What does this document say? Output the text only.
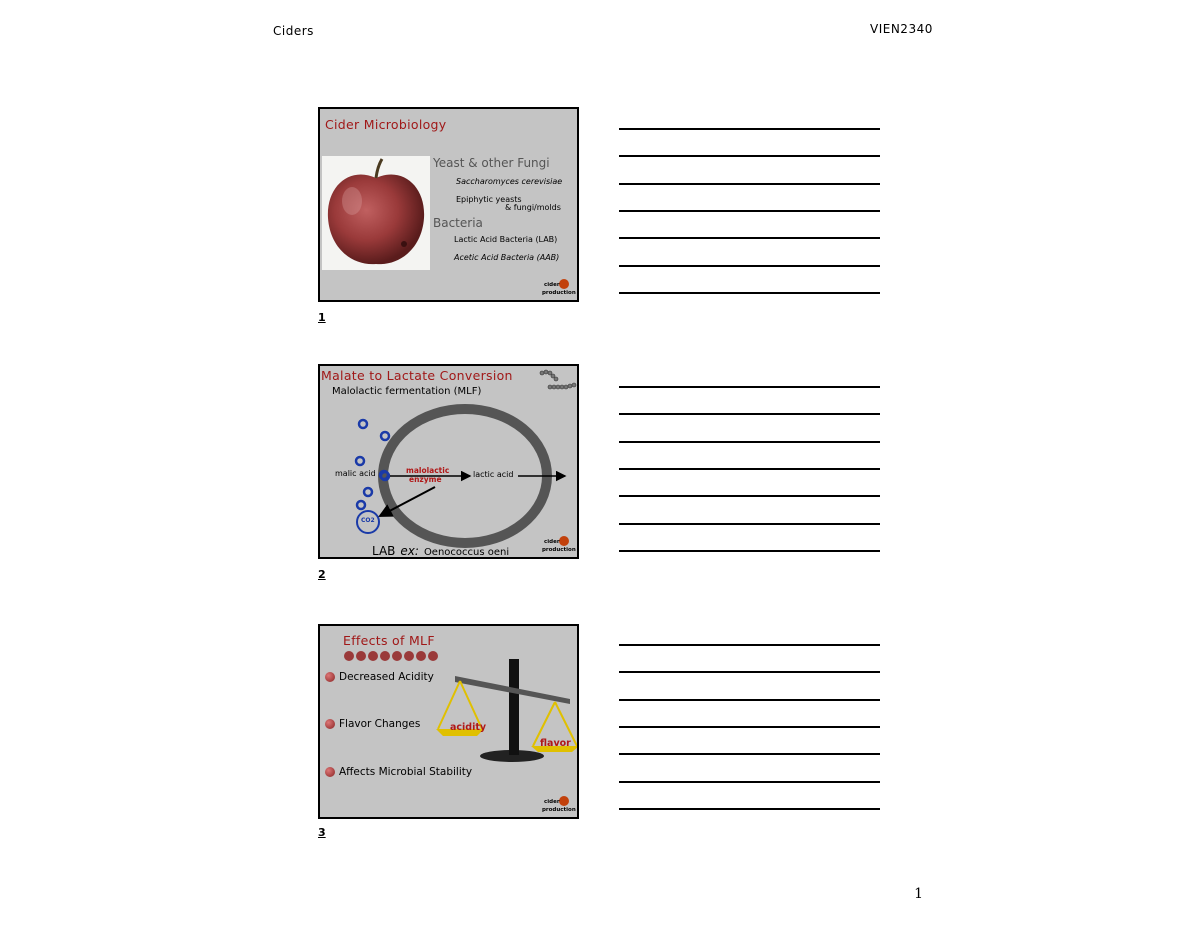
Ciders	VIEN2340
Cider Microbiology
Yeast & other Fungi
Saccharomyces cerevisiae
Epiphytic yeasts
& fungi/molds
Bacteria
Lactic Acid Bacteria (LAB)
Acetic Acid Bacteria (AAB)
cider
production
1
Malate to Lactate Conversion
Malolactic fermentation (MLF)
malic acid	malolactic
enzyme
lactic acid
CO2
LAB ex: Oenococcus oeni
cider
production
2
Effects of MLF
Decreased Acidity
Flavor Changes
Affects Microbial Stability
acidity
flavor
cider
production
3
1
